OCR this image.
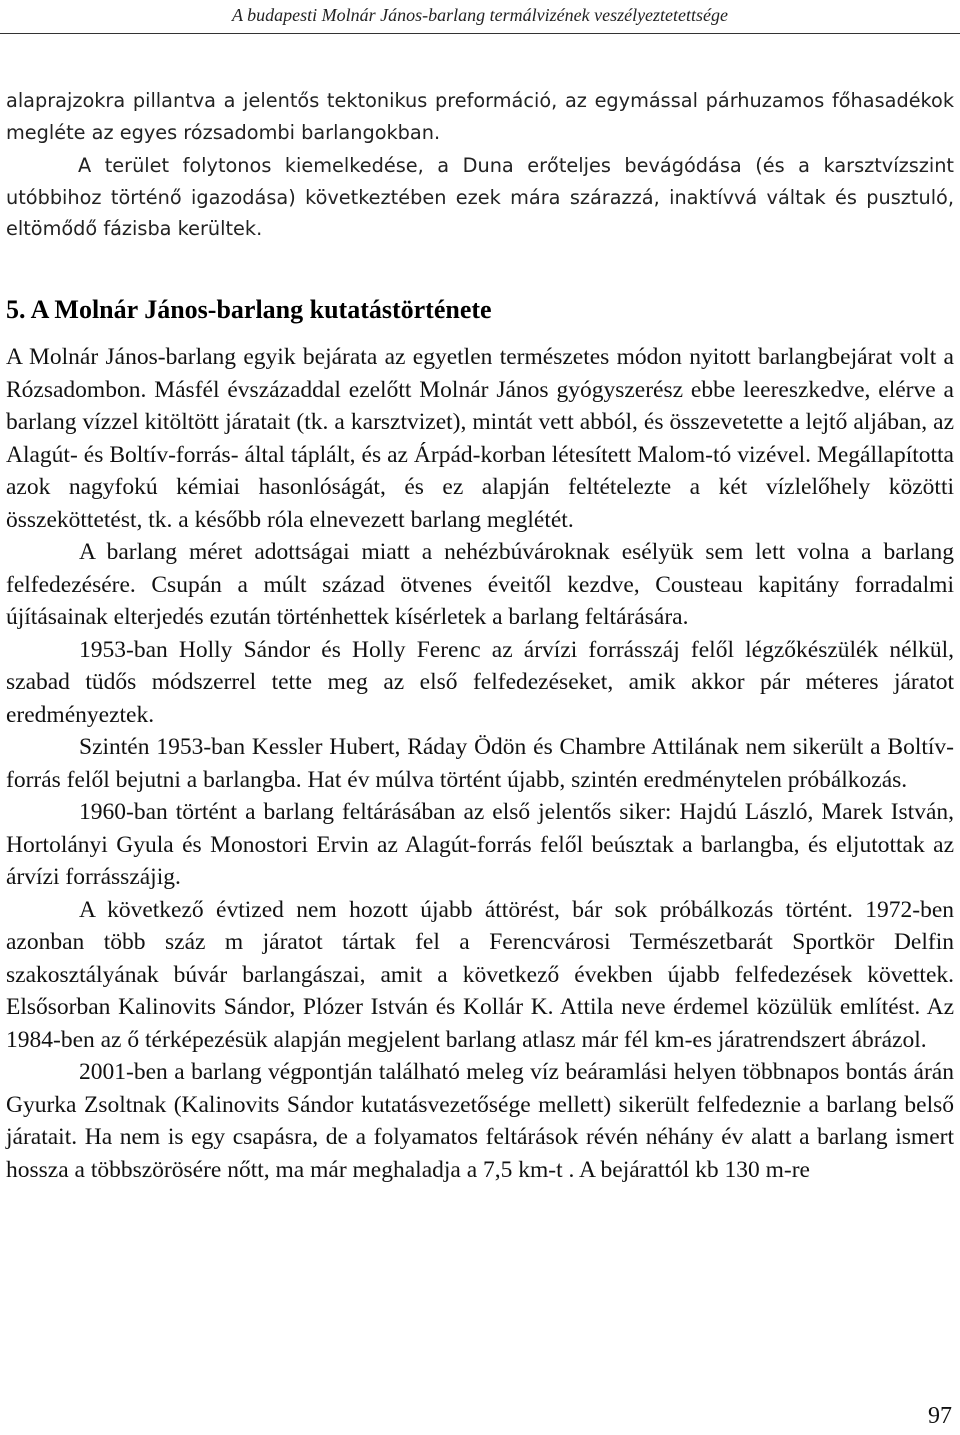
A budapesti Molnár János-barlang termálvizének veszélyeztetettsége

alaprajzokra pillantva a jelentős tektonikus preformáció, az egymással párhuzamos főhasadékok megléte az egyes rózsadombi barlangokban.

A terület folytonos kiemelkedése, a Duna erőteljes bevágódása (és a karsztvízszint utóbbihoz történő igazodása) következtében ezek mára szárazzá, inaktívvá váltak és pusztuló, eltömődő fázisba kerültek.

5. A Molnár János-barlang kutatástörténete

A Molnár János-barlang egyik bejárata az egyetlen természetes módon nyitott barlangbejárat volt a Rózsadombon. Másfél évszázaddal ezelőtt Molnár János gyógyszerész ebbe leereszkedve, elérve a barlang vízzel kitöltött járatait (tk. a karsztvizet), mintát vett abból, és összevetette a lejtő aljában, az Alagút- és Boltív-forrás- által táplált, és az Árpád-korban létesített Malom-tó vizével. Megállapította azok nagyfokú kémiai hasonlóságát, és ez alapján feltételezte a két vízlelőhely közötti összeköttetést, tk. a később róla elnevezett barlang meglétét.

A barlang méret adottságai miatt a nehézbúvároknak esélyük sem lett volna a barlang felfedezésére. Csupán a múlt század ötvenes éveitől kezdve, Cousteau kapitány forradalmi újításainak elterjedés ezután történhettek kísérletek a barlang feltárására.

1953-ban Holly Sándor és Holly Ferenc az árvízi forrásszáj felől légzőkészülék nélkül, szabad tüdős módszerrel tette meg az első felfedezéseket, amik akkor pár méteres járatot eredményeztek.

Szintén 1953-ban Kessler Hubert, Ráday Ödön és Chambre Attilának nem sikerült a Boltív-forrás felől bejutni a barlangba. Hat év múlva történt újabb, szintén eredménytelen próbálkozás.

1960-ban történt a barlang feltárásában az első jelentős siker: Hajdú László, Marek István, Hortolányi Gyula és Monostori Ervin az Alagút-forrás felől beúsztak a barlangba, és eljutottak az árvízi forrásszájig.

A következő évtized nem hozott újabb áttörést, bár sok próbálkozás történt. 1972-ben azonban több száz m járatot tártak fel a Ferencvárosi Természetbarát Sportkör Delfin szakosztályának búvár barlangászai, amit a következő években újabb felfedezések követtek. Elsősorban Kalinovits Sándor, Plózer István és Kollár K. Attila neve érdemel közülük említést. Az 1984-ben az ő térképezésük alapján megjelent barlang atlasz már fél km-es járatrendszert ábrázol.

2001-ben a barlang végpontján található meleg víz beáramlási helyen többnapos bontás árán Gyurka Zsoltnak (Kalinovits Sándor kutatásvezetősége mellett) sikerült felfedeznie a barlang belső járatait. Ha nem is egy csapásra, de a folyamatos feltárások révén néhány év alatt a barlang ismert hossza a többszörösére nőtt, ma már meghaladja a 7,5 km-t . A bejárattól kb 130 m-re

97
